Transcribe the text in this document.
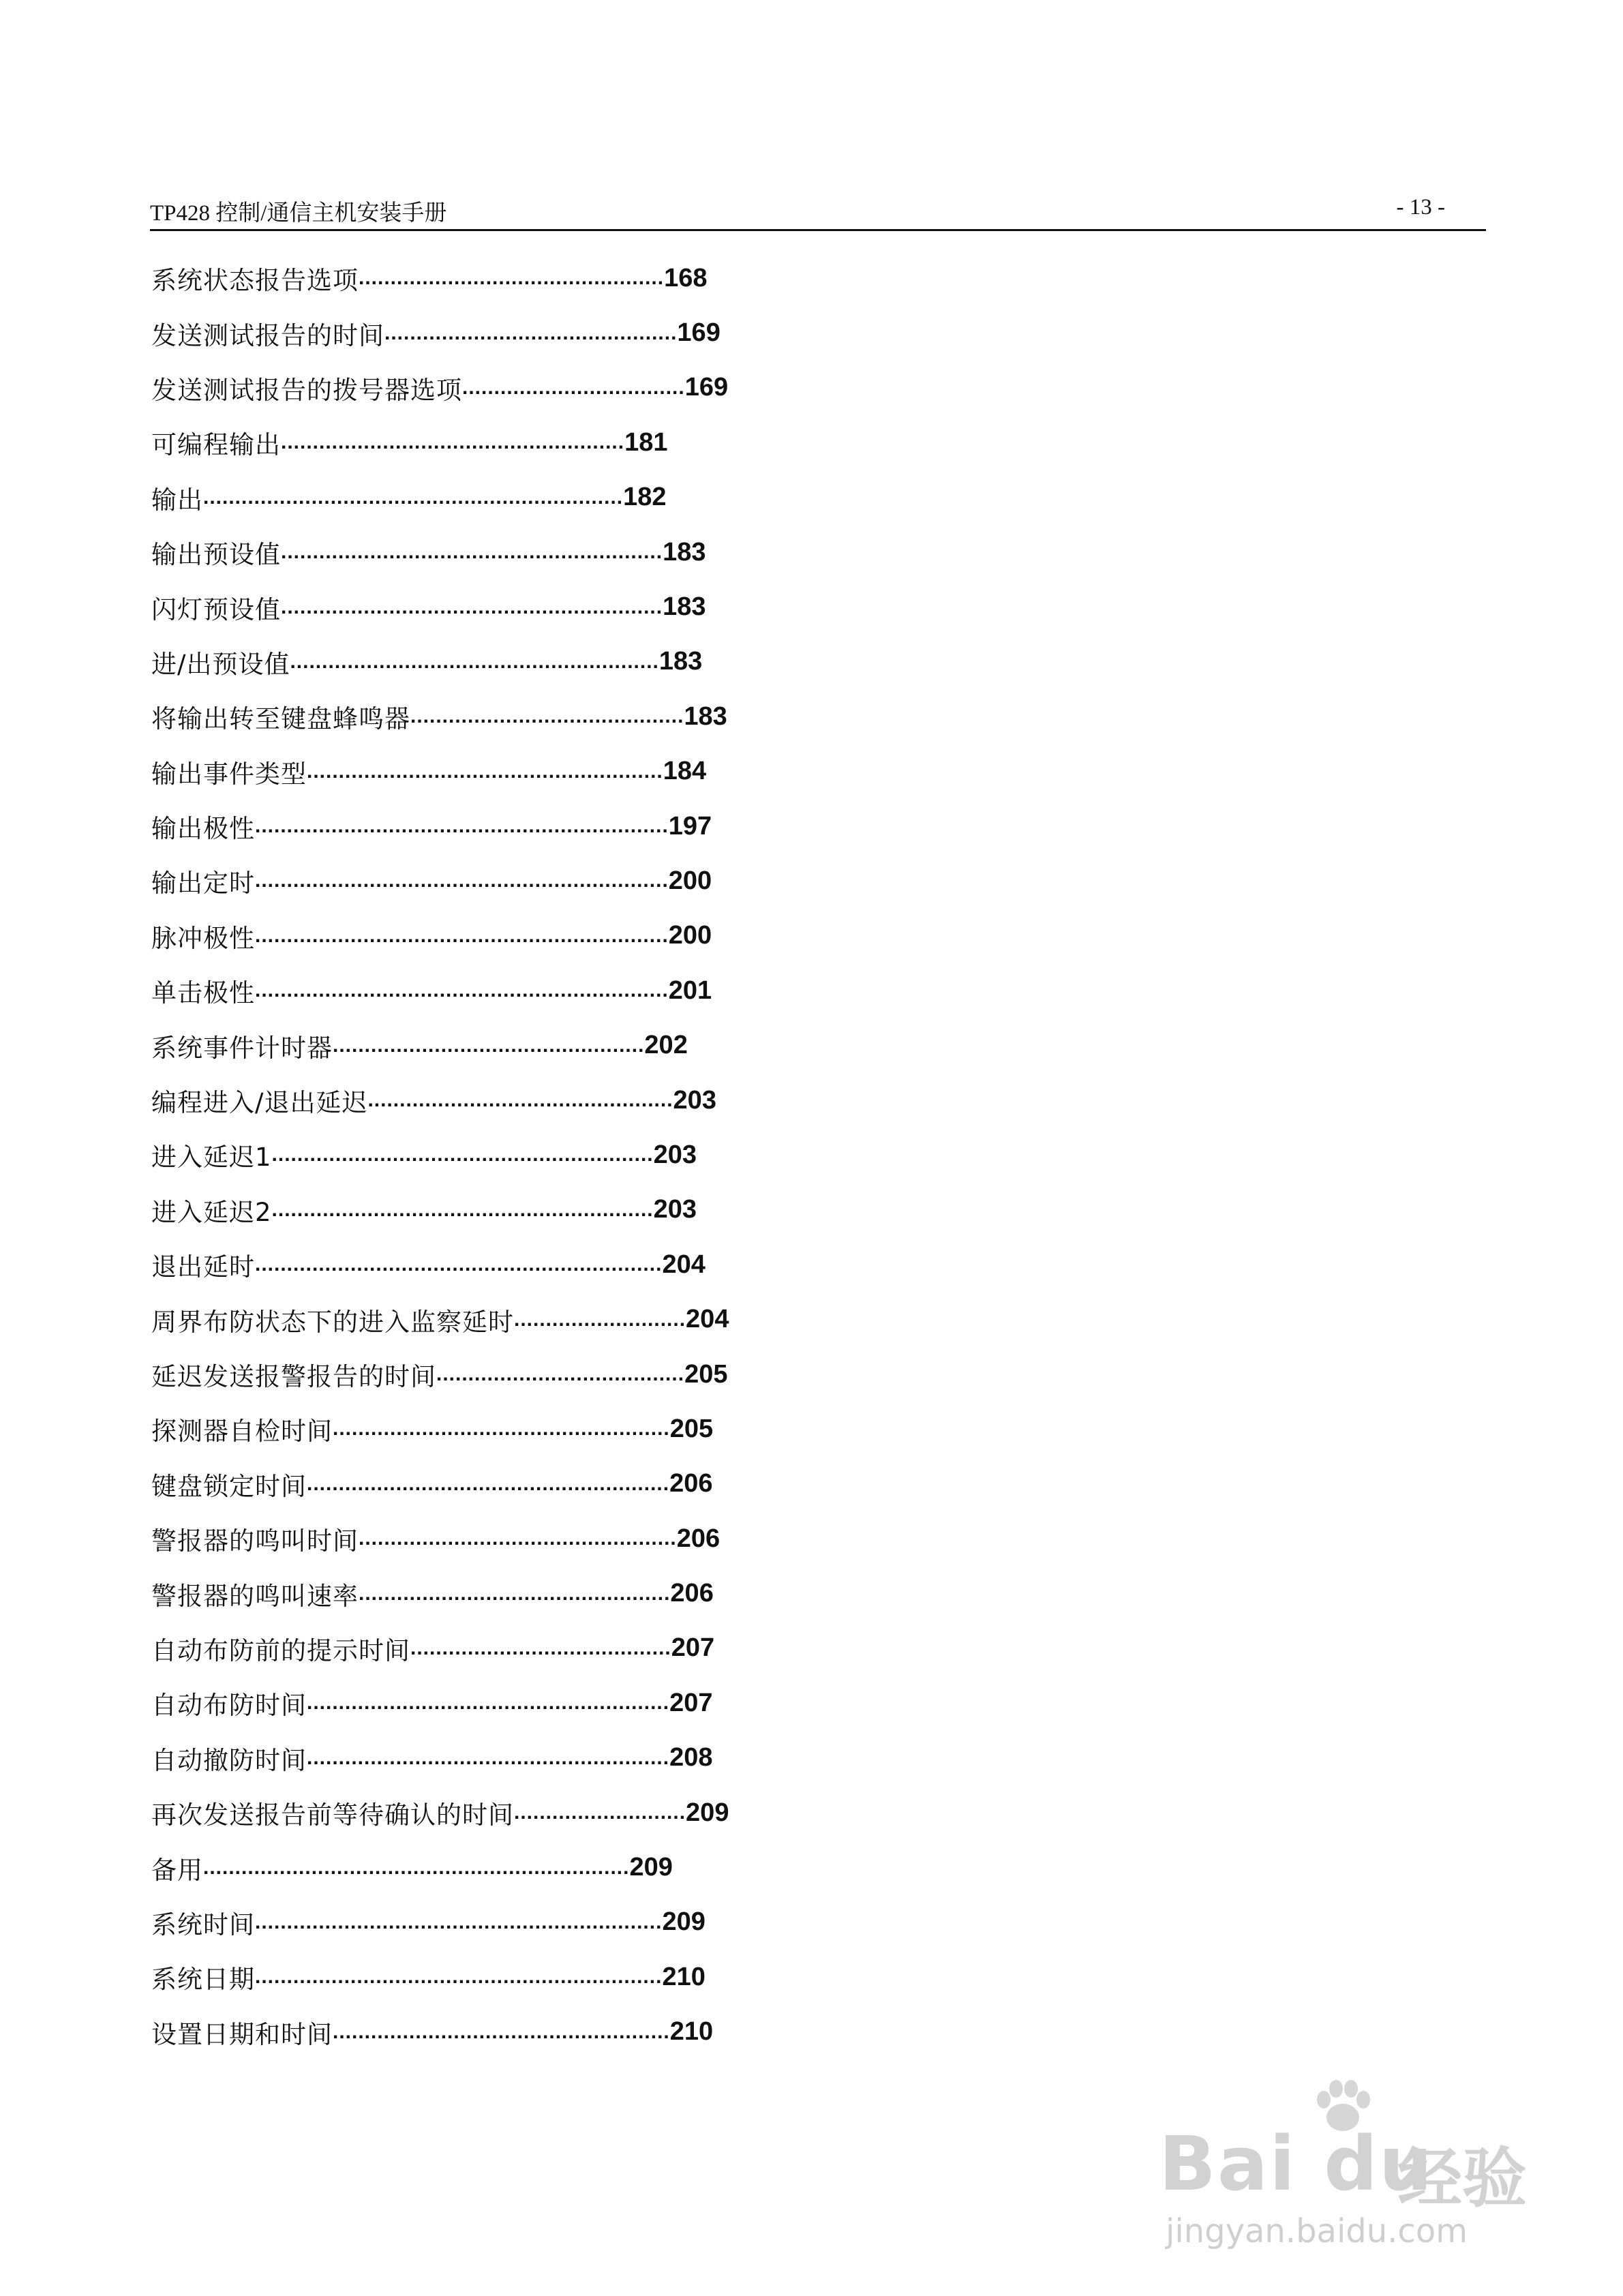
TP428 控制/通信主机安装手册	- 13 -
系统状态报告选项 ................................................ 168
发送测试报告的时间 .............................................. 169
发送测试报告的拨号器选项 ................................... 169
可编程输出 ...................................................... 181
输出 .................................................................. 182
输出预设值 ............................................................ 183
闪灯预设值 ............................................................ 183
进/出预设值 .......................................................... 183
将输出转至键盘蜂鸣器 ........................................... 183
输出事件类型 ........................................................ 184
输出极性 ................................................................. 197
输出定时 ................................................................. 200
脉冲极性 ................................................................. 200
单击极性 ................................................................. 201
系统事件计时器 ................................................. 202
编程进入/退出延迟 ................................................ 203
进入延迟1 ............................................................ 203
进入延迟2 ............................................................ 203
退出延时 ................................................................ 204
周界布防状态下的进入监察延时 ........................... 204
延迟发送报警报告的时间 ....................................... 205
探测器自检时间 ..................................................... 205
键盘锁定时间 ......................................................... 206
警报器的鸣叫时间 .................................................. 206
警报器的鸣叫速率 ................................................. 206
自动布防前的提示时间 ......................................... 207
自动布防时间 ......................................................... 207
自动撤防时间 ......................................................... 208
再次发送报告前等待确认的时间 ........................... 209
备用 ................................................................... 209
系统时间 ................................................................ 209
系统日期 ................................................................ 210
设置日期和时间 ..................................................... 210
Bai du
经验
jingyan.baidu.com
